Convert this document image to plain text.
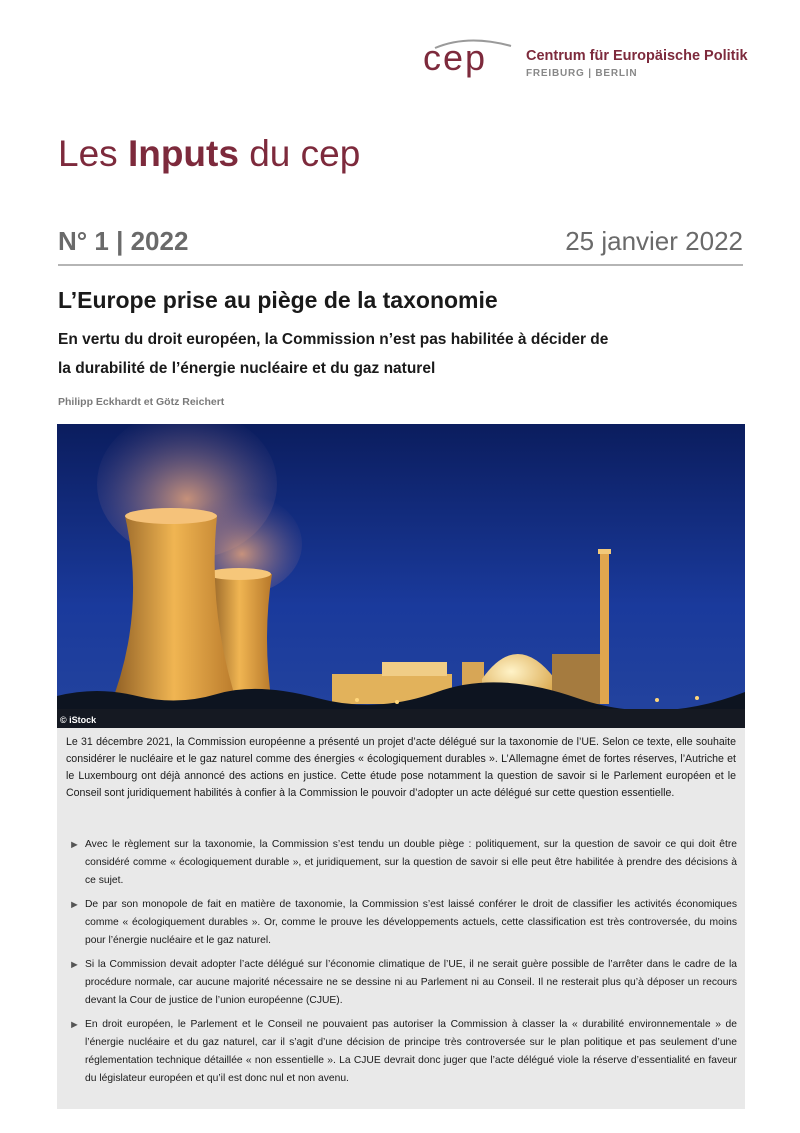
cep	Centrum für Europäische Politik
FREIBURG | BERLIN
Les Inputs du cep
N° 1 | 2022	25 janvier 2022
L’Europe prise au piège de la taxonomie
En vertu du droit européen, la Commission n’est pas habilitée à décider de la durabilité de l’énergie nucléaire et du gaz naturel
Philipp Eckhardt et Götz Reichert
© iStock
Le 31 décembre 2021, la Commission européenne a présenté un projet d’acte délégué sur la taxonomie de l’UE. Selon ce texte, elle souhaite considérer le nucléaire et le gaz naturel comme des énergies « écologiquement durables ». L’Allemagne émet de fortes réserves, l’Autriche et le Luxembourg ont déjà annoncé des actions en justice. Cette étude pose notamment la question de savoir si le Parlement européen et le Conseil sont juridiquement habilités à confier à la Commission le pouvoir d’adopter un acte délégué sur cette question essentielle.
► Avec le règlement sur la taxonomie, la Commission s’est tendu un double piège : politiquement, sur la question de savoir ce qui doit être considéré comme « écologiquement durable », et juridiquement, sur la question de savoir si elle peut être habilitée à prendre des décisions à ce sujet.
► De par son monopole de fait en matière de taxonomie, la Commission s’est laissé conférer le droit de classifier les activités économiques comme « écologiquement durables ». Or, comme le prouve les développements actuels, cette classification est très controversée, du moins pour l’énergie nucléaire et le gaz naturel.
► Si la Commission devait adopter l’acte délégué sur l’économie climatique de l’UE, il ne serait guère possible de l’arrêter dans le cadre de la procédure normale, car aucune majorité nécessaire ne se dessine ni au Parlement ni au Conseil. Il ne resterait plus qu’à déposer un recours devant la Cour de justice de l’union européenne (CJUE).
► En droit européen, le Parlement et le Conseil ne pouvaient pas autoriser la Commission à classer la « durabilité environnementale » de l’énergie nucléaire et du gaz naturel, car il s’agit d’une décision de principe très controversée sur le plan politique et pas seulement d’une réglementation technique détaillée « non essentielle ». La CJUE devrait donc juger que l’acte délégué viole la réserve d’essentialité en faveur du législateur européen et qu’il est donc nul et non avenu.
